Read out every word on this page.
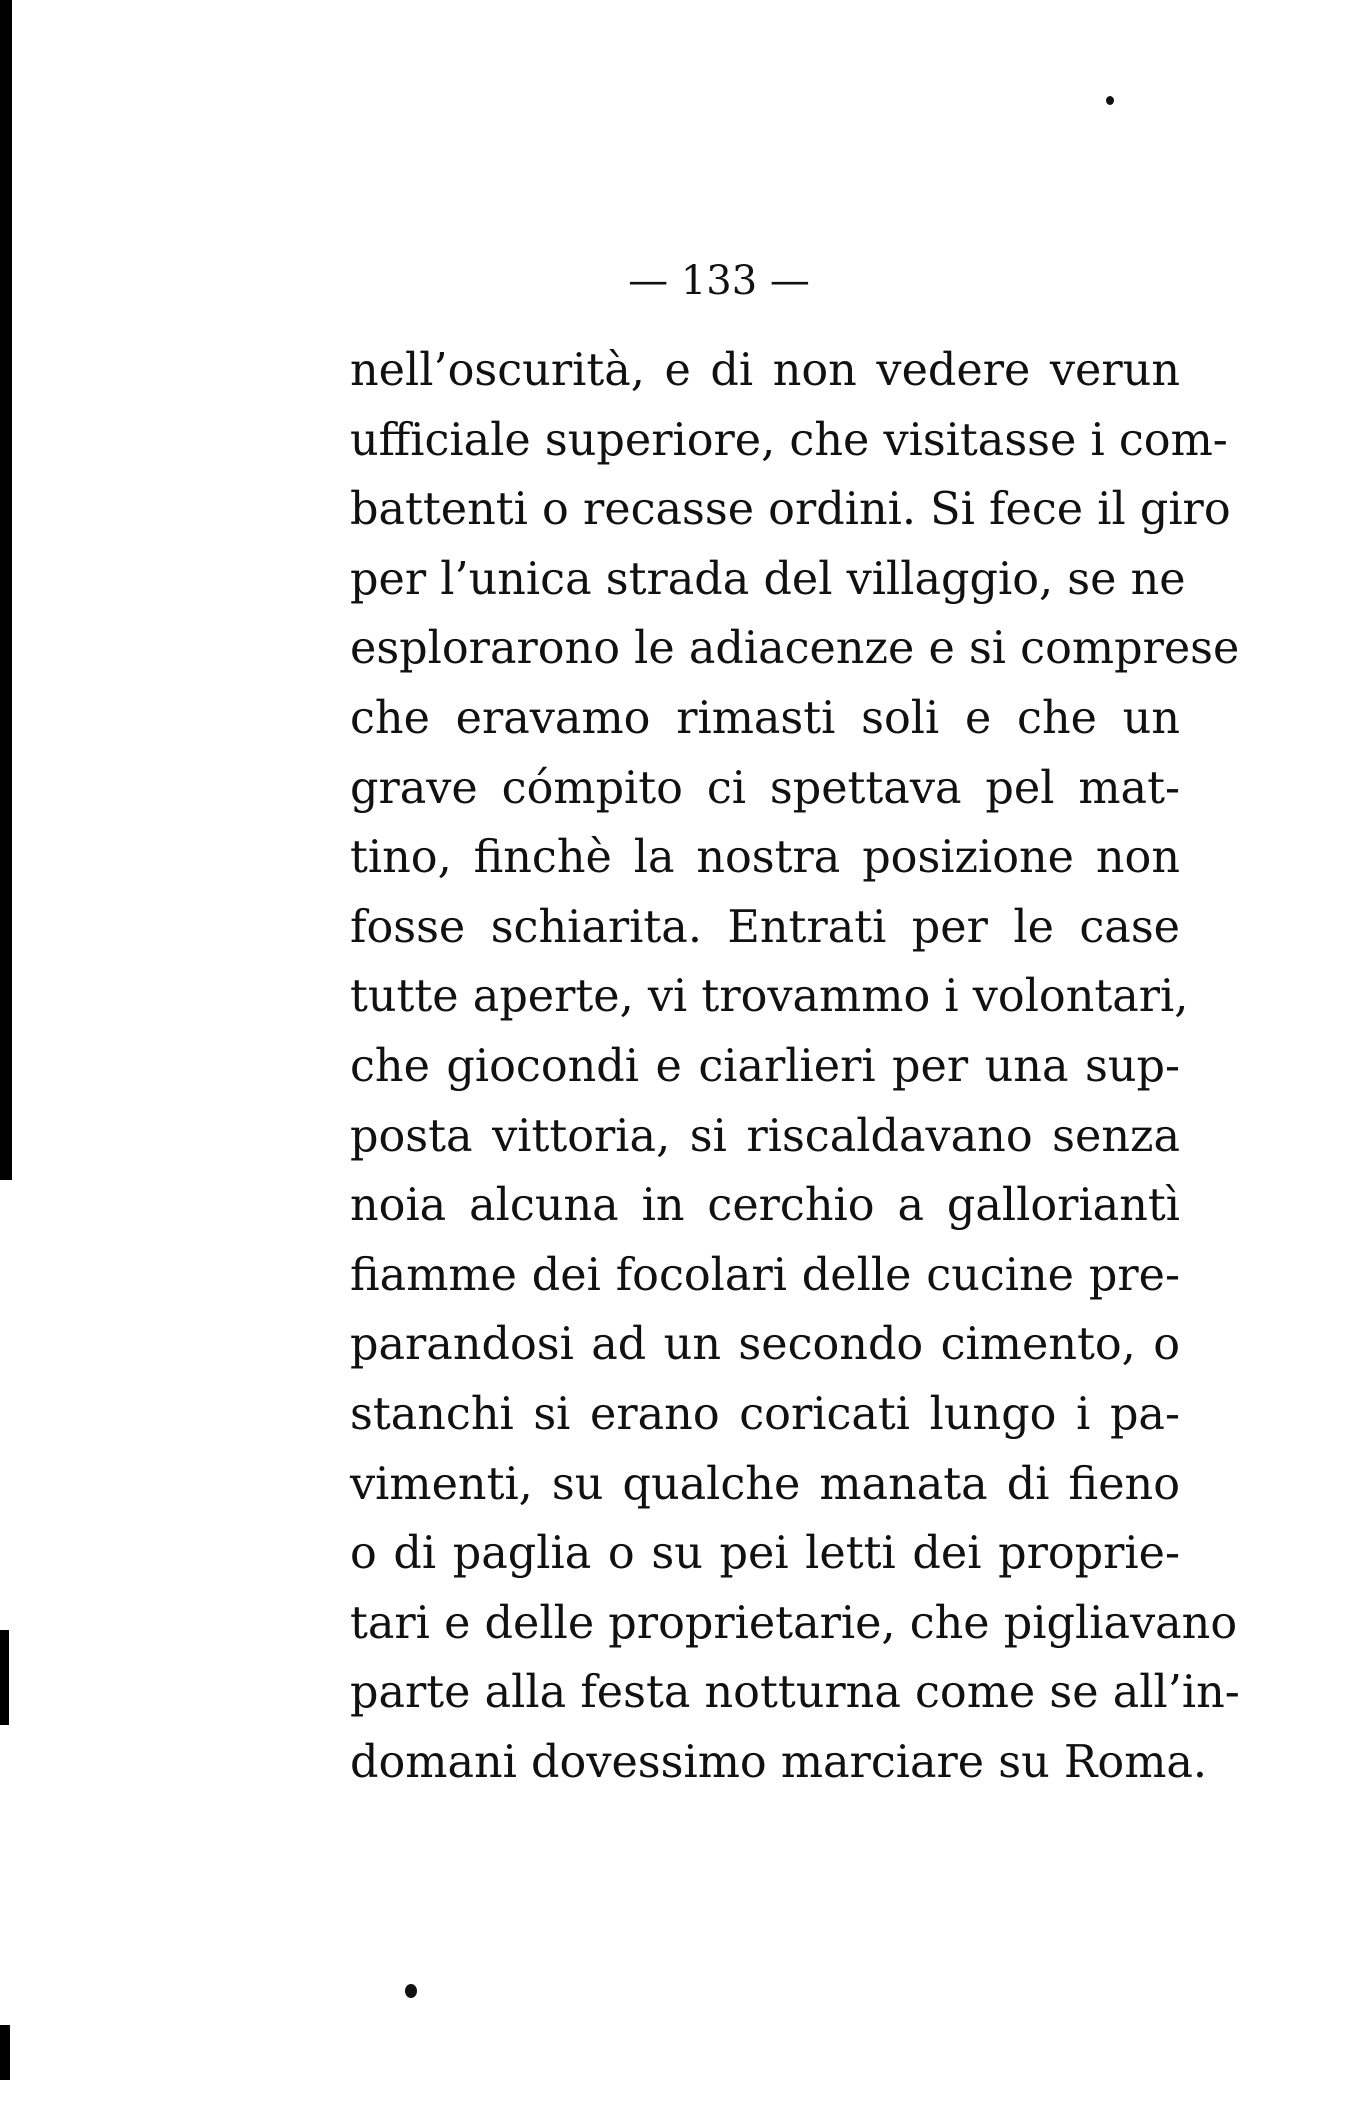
— 133 —
nell’oscurità, e di non vedere verun
ufficiale superiore, che visitasse i com-
battenti o recasse ordini. Si fece il giro
per l’unica strada del villaggio, se ne
esplorarono le adiacenze e si comprese
che eravamo rimasti soli e che un
grave cómpito ci spettava pel mat-
tino, finchè la nostra posizione non
fosse schiarita. Entrati per le case
tutte aperte, vi trovammo i volontari,
che giocondi e ciarlieri per una sup-
posta vittoria, si riscaldavano senza
noia alcuna in cerchio a galloriantì
fiamme dei focolari delle cucine pre-
parandosi ad un secondo cimento, o
stanchi si erano coricati lungo i pa-
vimenti, su qualche manata di fieno
o di paglia o su pei letti dei proprie-
tari e delle proprietarie, che pigliavano
parte alla festa notturna come se all’in-
domani dovessimo marciare su Roma.
